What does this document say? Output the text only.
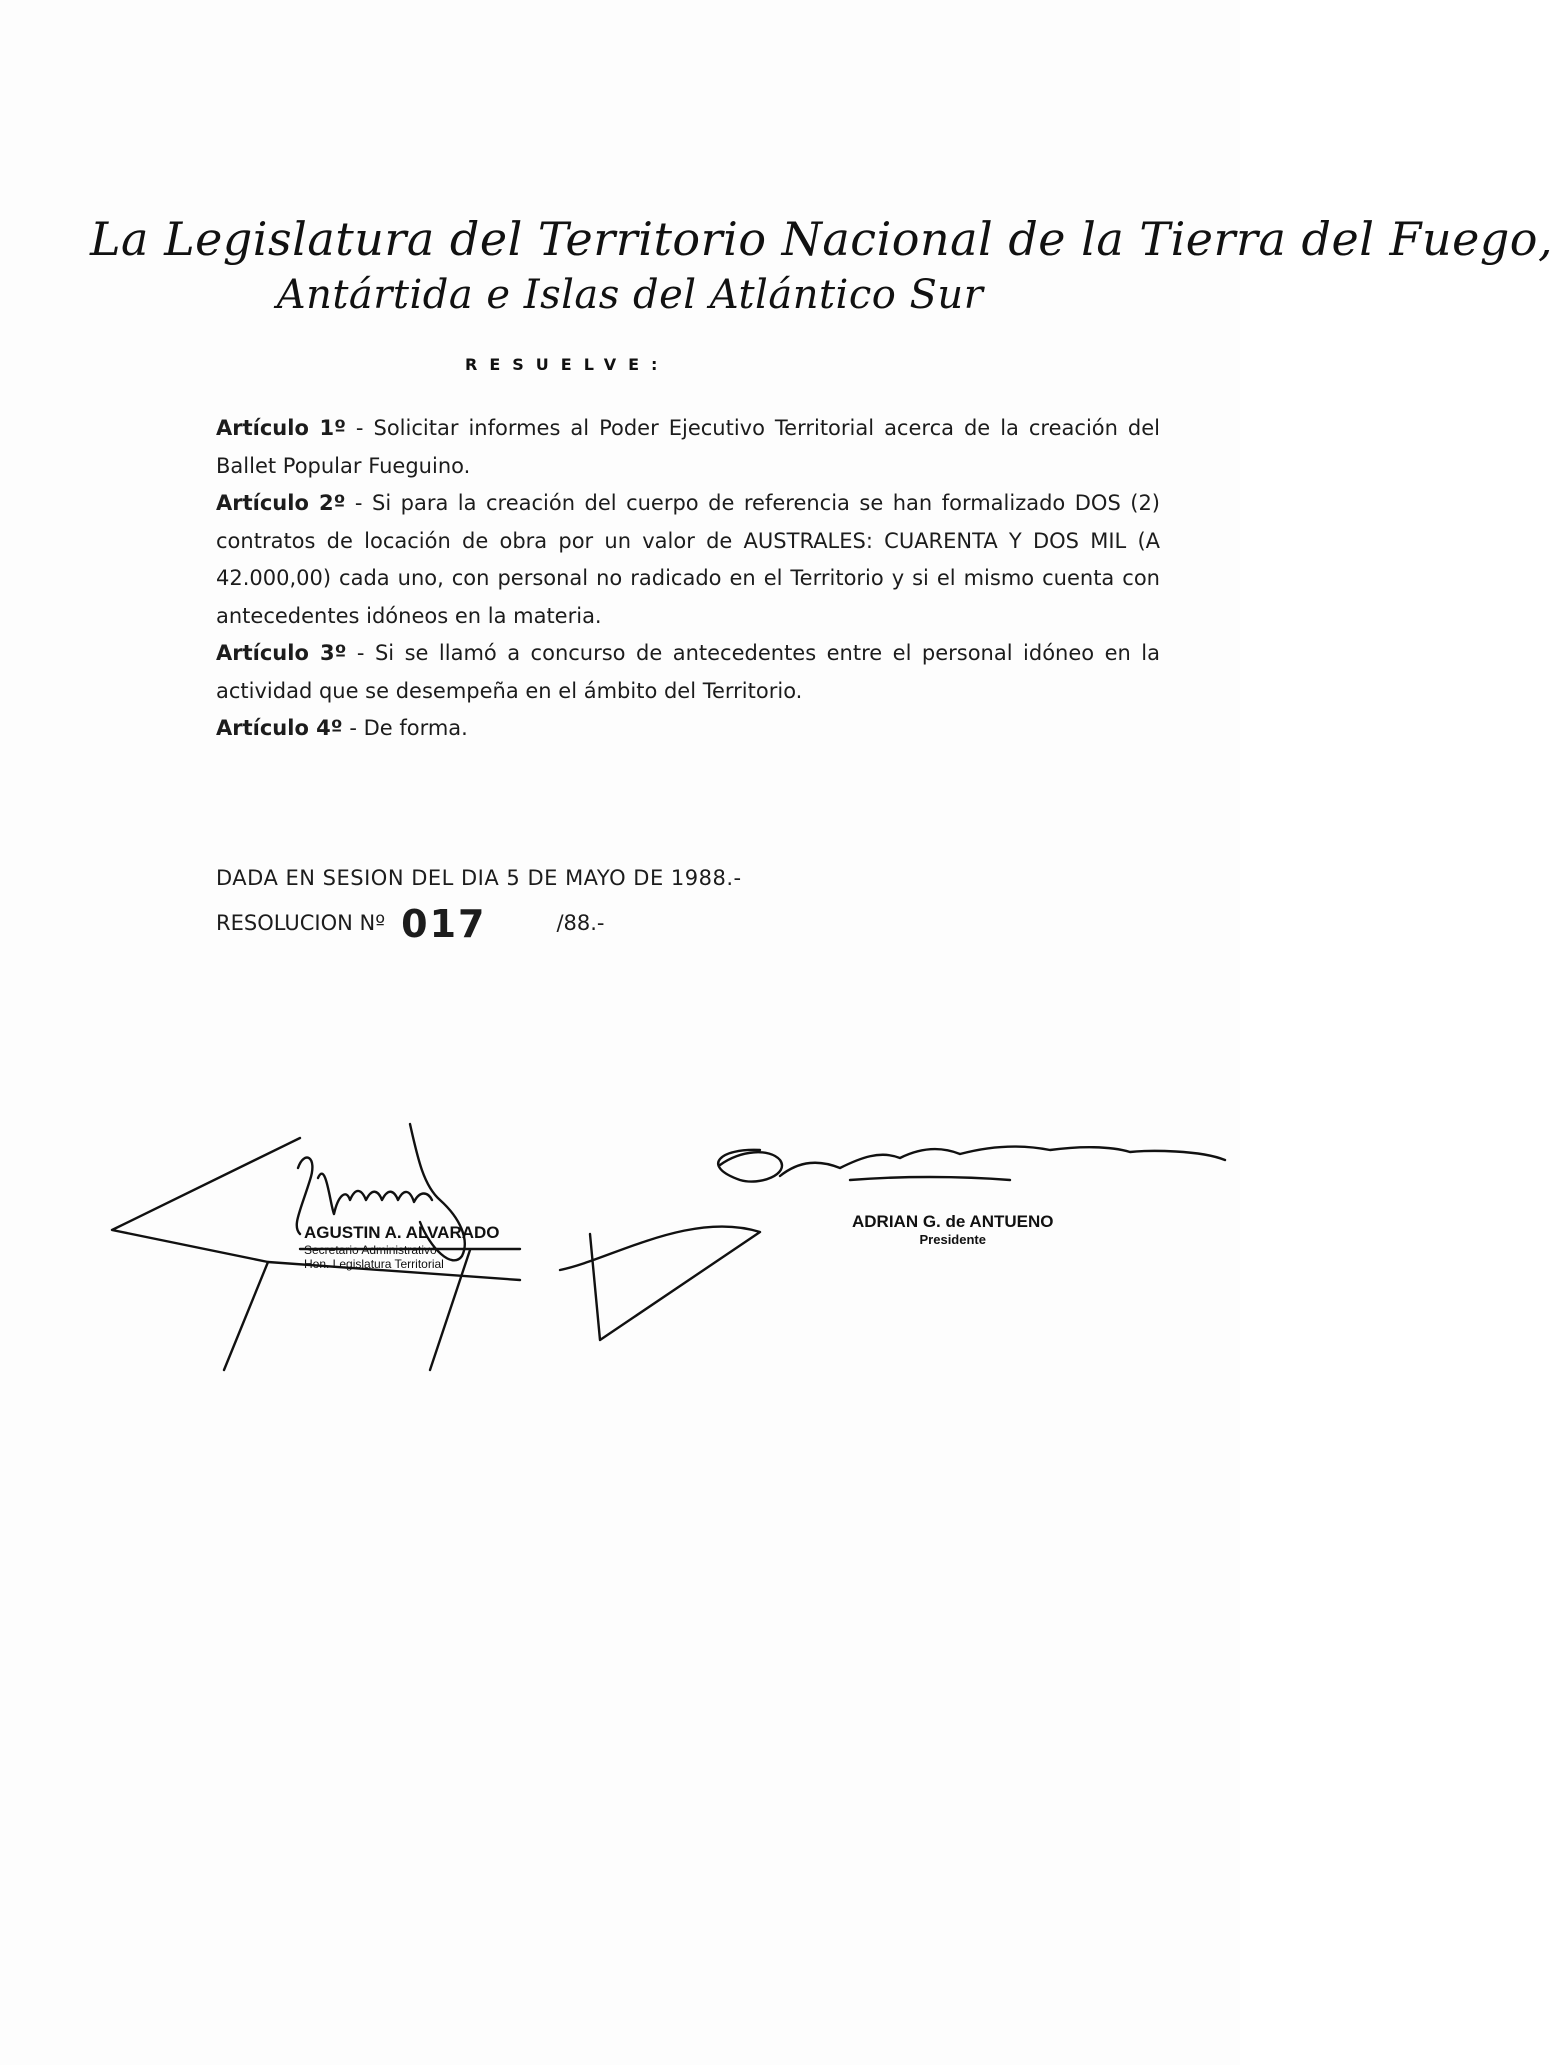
La Legislatura del Territorio Nacional de la Tierra del Fuego,
Antártida e Islas del Atlántico Sur
RESUELVE:

Artículo 1º - Solicitar informes al Poder Ejecutivo Territorial acerca de la creación del Ballet Popular Fueguino.

Artículo 2º - Si para la creación del cuerpo de referencia se han formalizado DOS (2) contratos de locación de obra por un valor de AUSTRALES: CUARENTA Y DOS MIL (A 42.000,00) cada uno, con personal no radicado en el Territorio y si el mismo cuenta con antecedentes idóneos en la materia.

Artículo 3º - Si se llamó a concurso de antecedentes entre el personal idóneo en la actividad que se desempeña en el ámbito del Territorio.

Artículo 4º - De forma.

DADA EN SESION DEL DIA 5 DE MAYO DE 1988.-
RESOLUCION Nº 017	/88.-
AGUSTIN A. ALVARADO
Secretario Administrativo
Hon. Legislatura Territorial
ADRIAN G. de ANTUENO
Presidente
